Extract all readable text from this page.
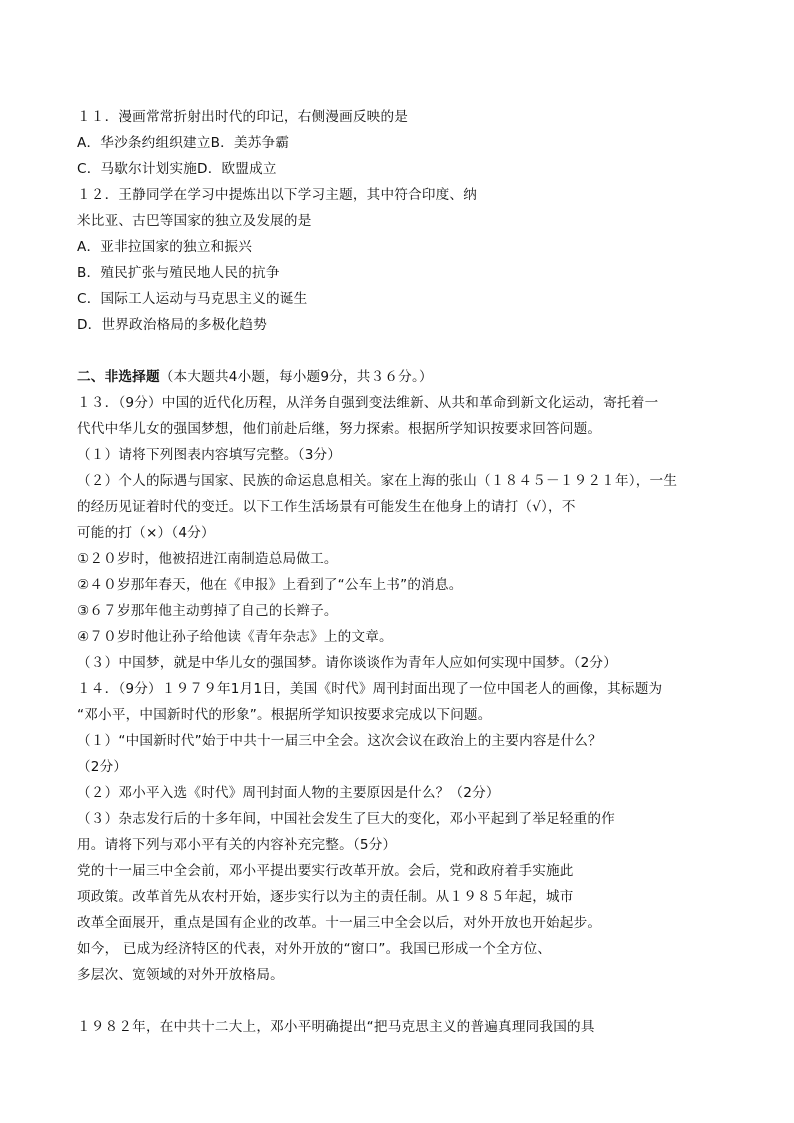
１１．漫画常常折射出时代的印记，右侧漫画反映的是
A．华沙条约组织建立B．美苏争霸
C．马歇尔计划实施D．欧盟成立
１２．王静同学在学习中提炼出以下学习主题，其中符合印度、纳
米比亚、古巴等国家的独立及发展的是
A．亚非拉国家的独立和振兴
B．殖民扩张与殖民地人民的抗争
C．国际工人运动与马克思主义的诞生
D．世界政治格局的多极化趋势
二、非选择题（本大题共4小题，每小题9分，共３６分。）
１３．（9分）中国的近代化历程，从洋务自强到变法维新、从共和革命到新文化运动，寄托着一
代代中华儿女的强国梦想，他们前赴后继，努力探索。根据所学知识按要求回答问题。
（１）请将下列图表内容填写完整。（3分）
（２）个人的际遇与国家、民族的命运息息相关。家在上海的张山（１８４５－１９２１年），一生
的经历见证着时代的变迁。以下工作生活场景有可能发生在他身上的请打（√），不
可能的打（×）（4分）
①２０岁时，他被招进江南制造总局做工。
②４０岁那年春天，他在《申报》上看到了“公车上书”的消息。
③６７岁那年他主动剪掉了自己的长辫子。
④７０岁时他让孙子给他读《青年杂志》上的文章。
（３）中国梦，就是中华儿女的强国梦。请你谈谈作为青年人应如何实现中国梦。（2分）
１４．（9分）１９７９年1月1日，美国《时代》周刊封面出现了一位中国老人的画像，其标题为
“邓小平，中国新时代的形象”。根据所学知识按要求完成以下问题。
（１）“中国新时代”始于中共十一届三中全会。这次会议在政治上的主要内容是什么？
（2分）
（２）邓小平入选《时代》周刊封面人物的主要原因是什么？（2分）
（３）杂志发行后的十多年间，中国社会发生了巨大的变化，邓小平起到了举足轻重的作
用。请将下列与邓小平有关的内容补充完整。（5分）
党的十一届三中全会前，邓小平提出要实行改革开放。会后，党和政府着手实施此
项政策。改革首先从农村开始，逐步实行以为主的责任制。从１９８５年起，城市
改革全面展开，重点是国有企业的改革。十一届三中全会以后，对外开放也开始起步。
如今， 已成为经济特区的代表，对外开放的“窗口”。我国已形成一个全方位、
多层次、宽领域的对外开放格局。
１９８２年，在中共十二大上，邓小平明确提出“把马克思主义的普遍真理同我国的具
